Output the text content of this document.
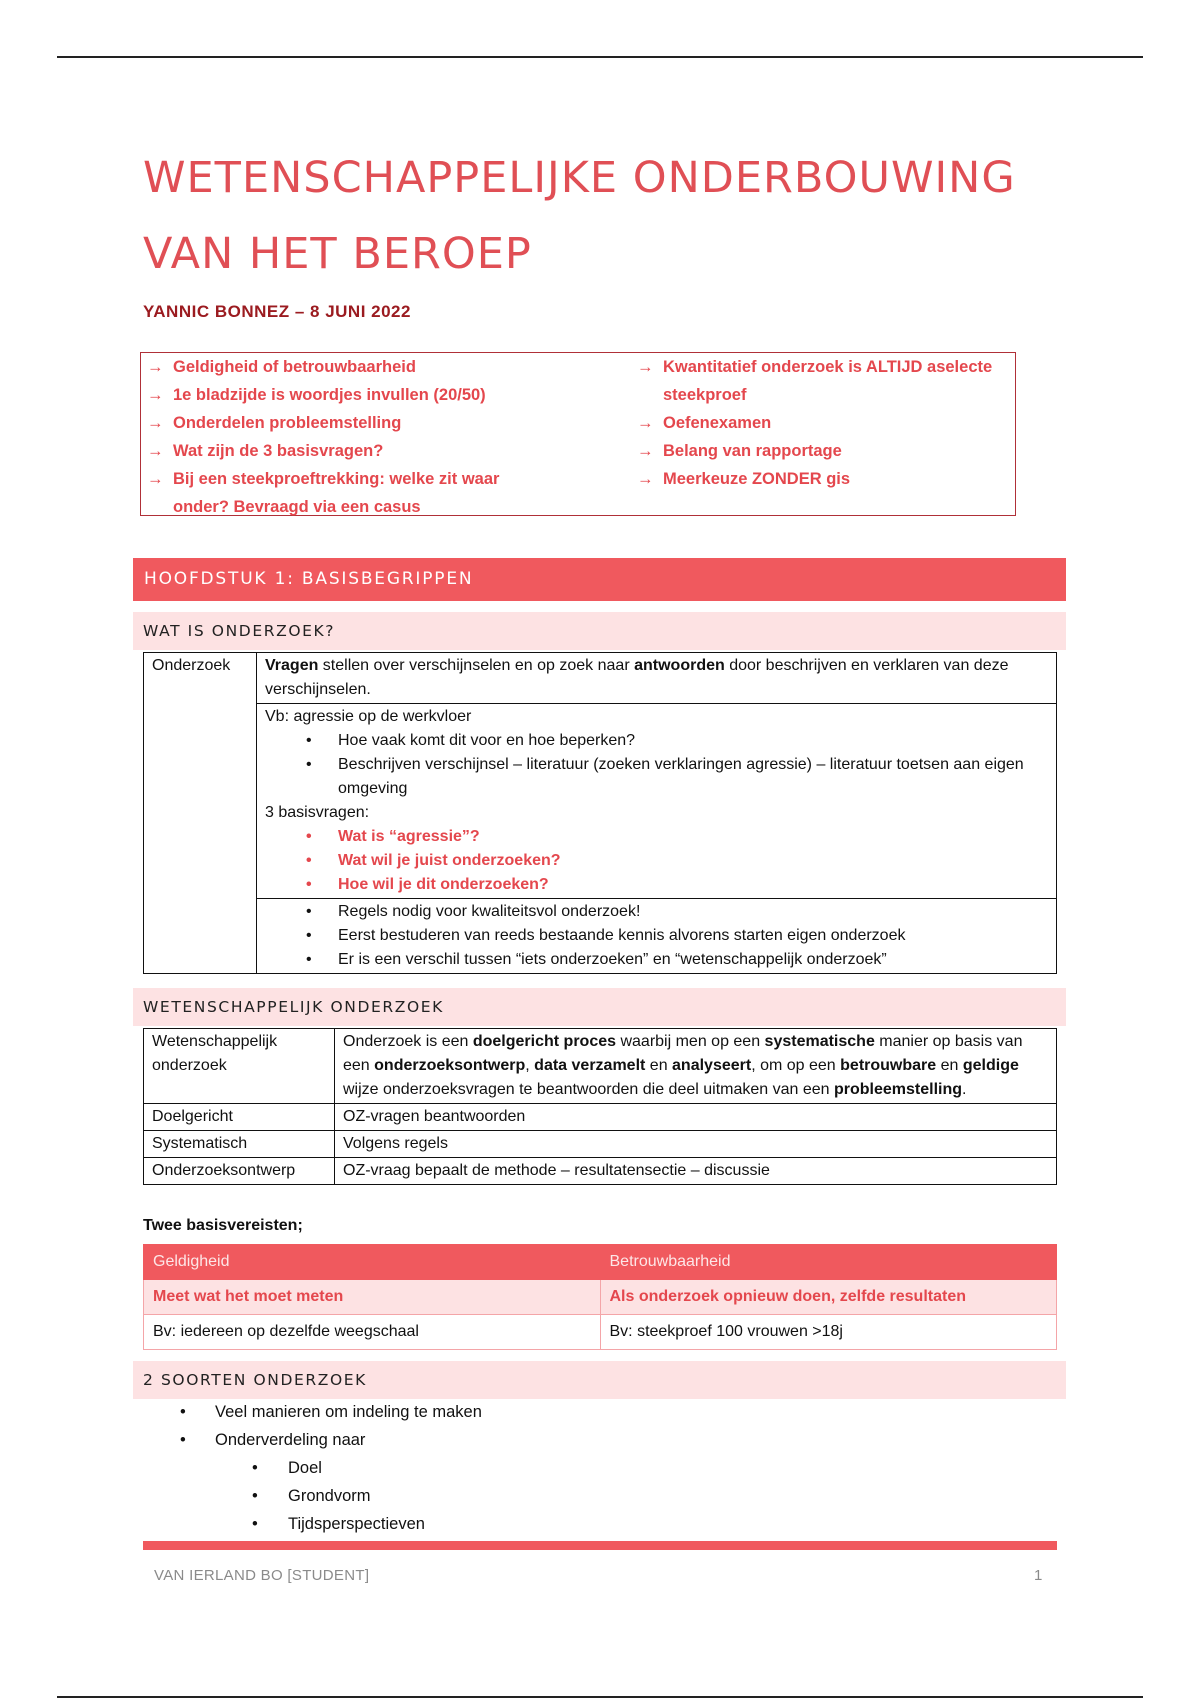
WETENSCHAPPELIJKE ONDERBOUWING
VAN HET BEROEP
YANNIC BONNEZ – 8 JUNI 2022
→ Geldigheid of betrouwbaarheid
→ 1e bladzijde is woordjes invullen (20/50)
→ Onderdelen probleemstelling
→ Wat zijn de 3 basisvragen?
→ Bij een steekproeftrekking: welke zit waar onder? Bevraagd via een casus
→ Kwantitatief onderzoek is ALTIJD aselecte steekproef
→ Oefenexamen
→ Belang van rapportage
→ Meerkeuze ZONDER gis
HOOFDSTUK 1: BASISBEGRIPPEN
WAT IS ONDERZOEK?
Onderzoek	Vragen stellen over verschijnselen en op zoek naar antwoorden door beschrijven en verklaren van deze verschijnselen.

Vb: agressie op de werkvloer
• Hoe vaak komt dit voor en hoe beperken?
• Beschrijven verschijnsel – literatuur (zoeken verklaringen agressie) – literatuur toetsen aan eigen omgeving
3 basisvragen:
• Wat is “agressie”?
• Wat wil je juist onderzoeken?
• Hoe wil je dit onderzoeken?

• Regels nodig voor kwaliteitsvol onderzoek!
• Eerst bestuderen van reeds bestaande kennis alvorens starten eigen onderzoek
• Er is een verschil tussen “iets onderzoeken” en “wetenschappelijk onderzoek”
WETENSCHAPPELIJK ONDERZOEK
Wetenschappelijk onderzoek	Onderzoek is een doelgericht proces waarbij men op een systematische manier op basis van een onderzoeksontwerp, data verzamelt en analyseert, om op een betrouwbare en geldige wijze onderzoeksvragen te beantwoorden die deel uitmaken van een probleemstelling.
Doelgericht	OZ-vragen beantwoorden
Systematisch	Volgens regels
Onderzoeksontwerp	OZ-vraag bepaalt de methode – resultatensectie – discussie
Twee basisvereisten;
Geldigheid	Betrouwbaarheid
Meet wat het moet meten	Als onderzoek opnieuw doen, zelfde resultaten
Bv: iedereen op dezelfde weegschaal	Bv: steekproef 100 vrouwen >18j
2 SOORTEN ONDERZOEK
• Veel manieren om indeling te maken
• Onderverdeling naar
• Doel
• Grondvorm
• Tijdsperspectieven
VAN IERLAND BO [STUDENT]	1
